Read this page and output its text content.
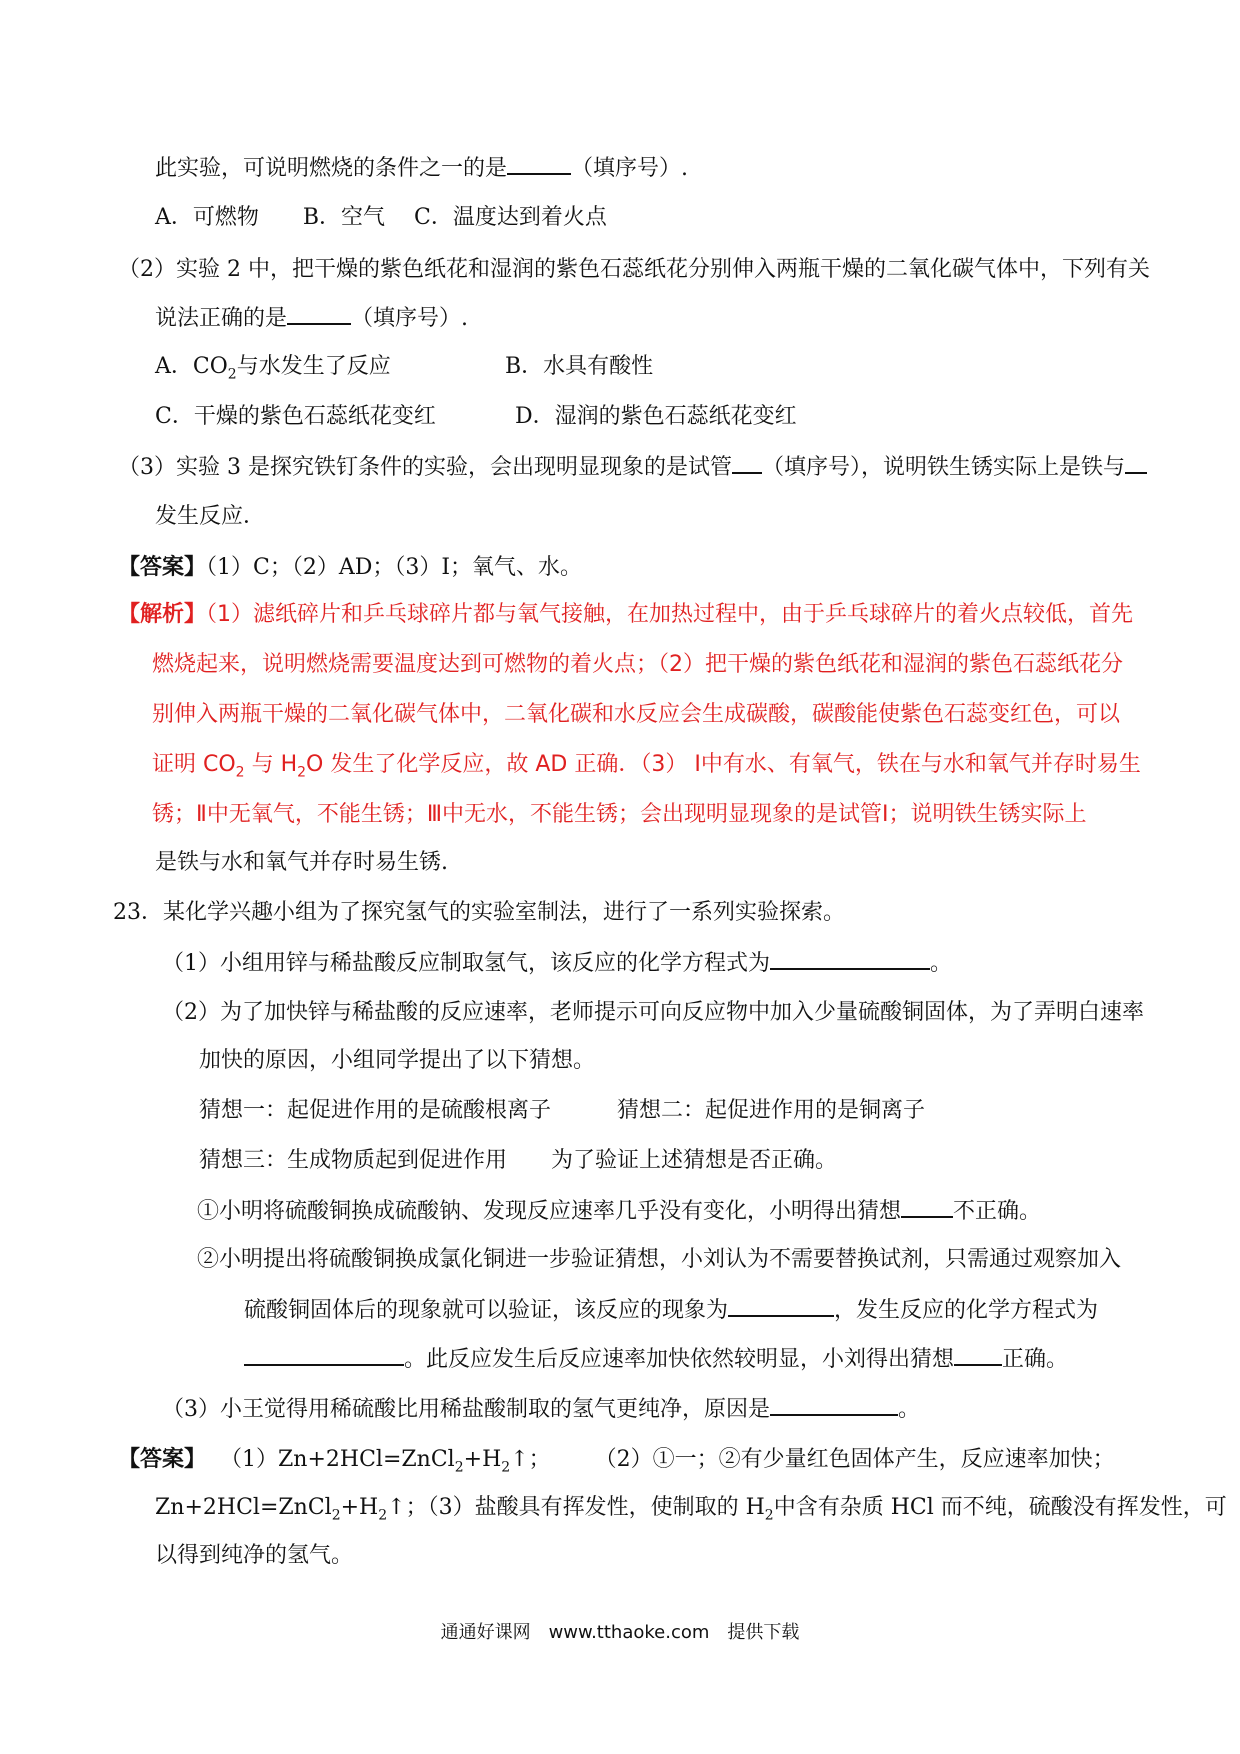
此实验，可说明燃烧的条件之一的是	（填序号）.
A．可燃物　　B．空气　 C．温度达到着火点
（2）实验 2 中，把干燥的紫色纸花和湿润的紫色石蕊纸花分别伸入两瓶干燥的二氧化碳气体中，下列有关
说法正确的是	（填序号）.
A．$CO_2$与水发生了反应	B．水具有酸性
C．干燥的紫色石蕊纸花变红	D．湿润的紫色石蕊纸花变红
（3）实验 3 是探究铁钉条件的实验，会出现明显现象的是试管 （填序号），说明铁生锈实际上是铁与
发生反应．
【答案】（1）C；（2）AD；（3）I；氧气、水。
【解析】（1）滤纸碎片和乒乓球碎片都与氧气接触，在加热过程中，由于乒乓球碎片的着火点较低，首先
燃烧起来，说明燃烧需要温度达到可燃物的着火点；（2）把干燥的紫色纸花和湿润的紫色石蕊纸花分
别伸入两瓶干燥的二氧化碳气体中，二氧化碳和水反应会生成碳酸，碳酸能使紫色石蕊变红色，可以
证明 $CO_2$ 与 $H_2O$ 发生了化学反应，故 AD 正确．（3） Ⅰ中有水、有氧气，铁在与水和氧气并存时易生
锈；Ⅱ中无氧气，不能生锈；Ⅲ中无水，不能生锈；会出现明显现象的是试管Ⅰ；说明铁生锈实际上
是铁与水和氧气并存时易生锈.
23．某化学兴趣小组为了探究氢气的实验室制法，进行了一系列实验探索。
（1）小组用锌与稀盐酸反应制取氢气，该反应的化学方程式为	。
（2）为了加快锌与稀盐酸的反应速率，老师提示可向反应物中加入少量硫酸铜固体，为了弄明白速率
加快的原因，小组同学提出了以下猜想。
猜想一：起促进作用的是硫酸根离子　　　猜想二：起促进作用的是铜离子
猜想三：生成物质起到促进作用　　为了验证上述猜想是否正确。
①小明将硫酸铜换成硫酸钠、发现反应速率几乎没有变化，小明得出猜想 不正确。
②小明提出将硫酸铜换成氯化铜进一步验证猜想，小刘认为不需要替换试剂，只需通过观察加入
硫酸铜固体后的现象就可以验证，该反应的现象为	，发生反应的化学方程式为
。此反应发生后反应速率加快依然较明显，小刘得出猜想 正确。
（3）小王觉得用稀硫酸比用稀盐酸制取的氢气更纯净，原因是	。
【答案】 $(1)Zn+2HCl=ZnCl_2+H_2↑$；　　　（2）①一；②有少量红色固体产生，反应速率加快；
$Zn+2HCl=ZnCl_2+H_2↑$；（3）盐酸具有挥发性，使制取的 $H_2$中含有杂质 HCl 而不纯，硫酸没有挥发性，可
以得到纯净的氢气。
通通好课网　www.tthaoke.com　提供下载
